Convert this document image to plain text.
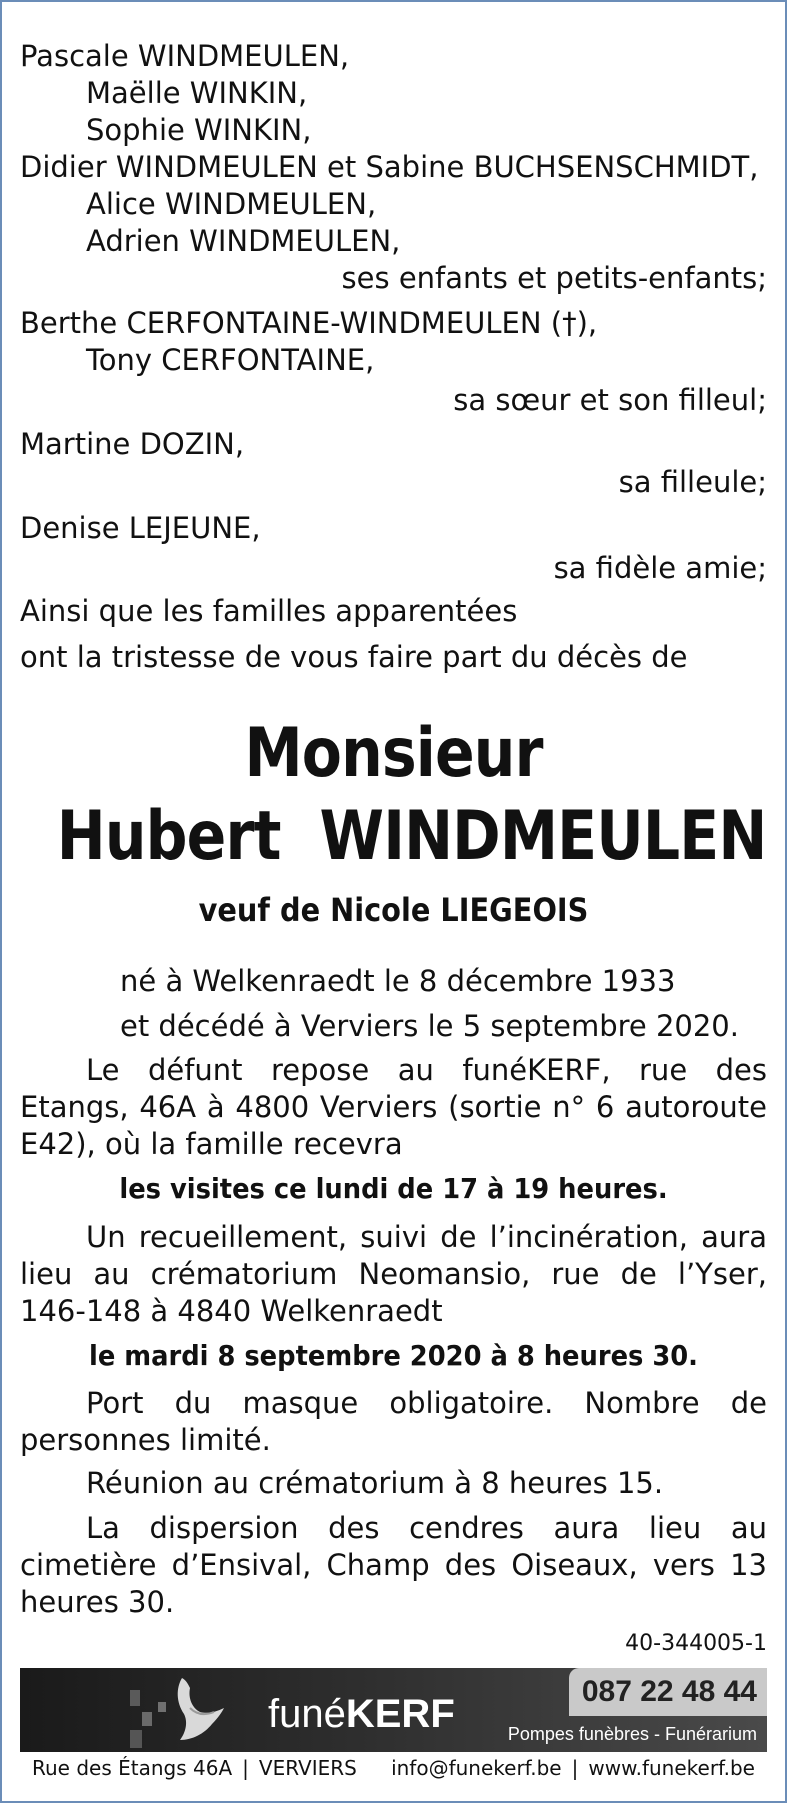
Pascale WINDMEULEN,
Maëlle WINKIN,
Sophie WINKIN,
Didier WINDMEULEN et Sabine BUCHSENSCHMIDT,
Alice WINDMEULEN,
Adrien WINDMEULEN,
ses enfants et petits-enfants;
Berthe CERFONTAINE-WINDMEULEN (†),
Tony CERFONTAINE,
sa sœur et son filleul;
Martine DOZIN,
sa filleule;
Denise LEJEUNE,
sa fidèle amie;
Ainsi que les familles apparentées
ont la tristesse de vous faire part du décès de
Monsieur
Hubert  WINDMEULEN
veuf de Nicole LIEGEOIS
né à Welkenraedt le 8 décembre 1933
et décédé à Verviers le 5 septembre 2020.
Le défunt repose au funéKERF, rue des Etangs, 46A à 4800 Verviers (sortie n° 6 autoroute E42), où la famille recevra
les visites ce lundi de 17 à 19 heures.
Un recueillement, suivi de l’incinération, aura lieu au crématorium Neomansio, rue de l’Yser, 146-148 à 4840 Welkenraedt
le mardi 8 septembre 2020 à 8 heures 30.
Port du masque obligatoire. Nombre de personnes limité.
Réunion au crématorium à 8 heures 15.
La dispersion des cendres aura lieu au cimetière d’Ensival, Champ des Oiseaux, vers 13 heures 30.
40-344005-1
funéKERF
087 22 48 44
Pompes funèbres - Funérarium
Rue des Étangs 46A | VERVIERS info@funekerf.be | www.funekerf.be
